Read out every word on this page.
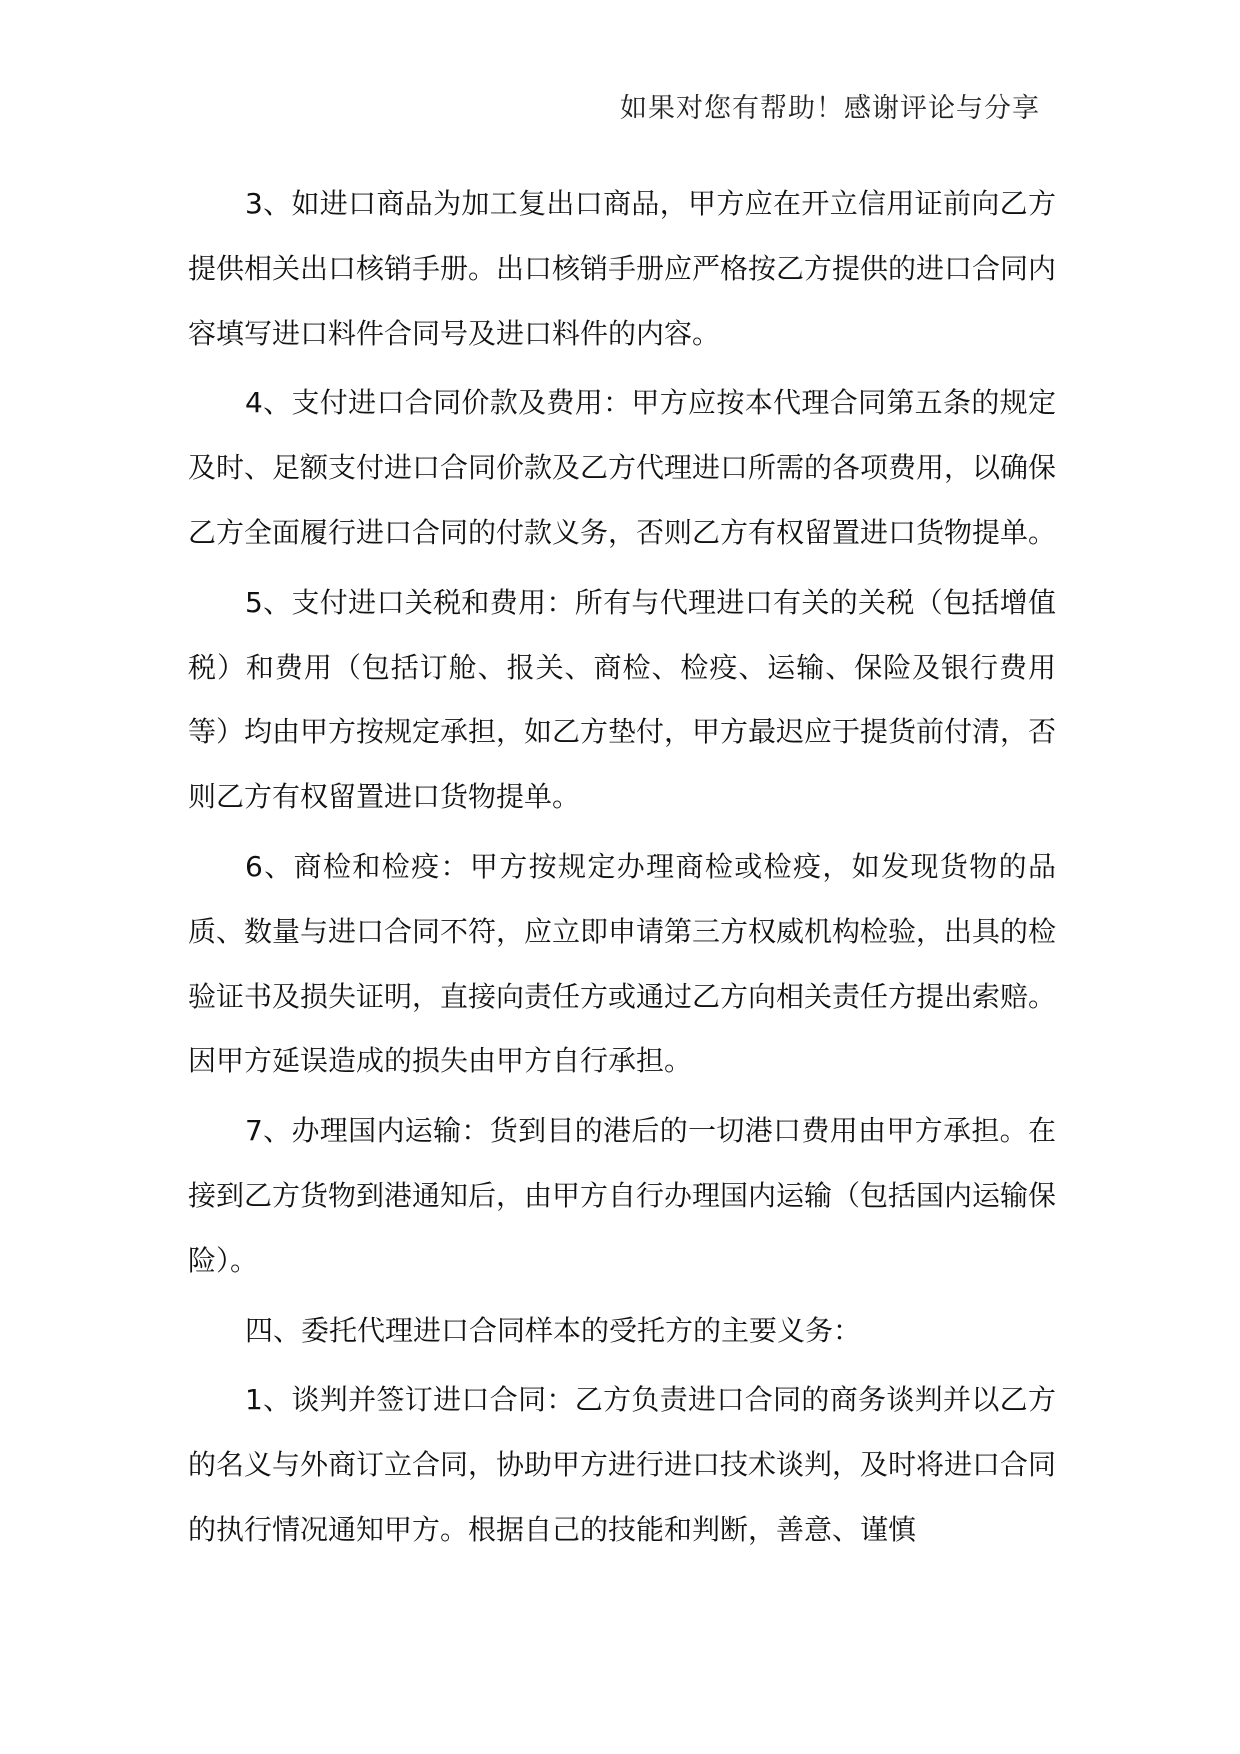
如果对您有帮助！感谢评论与分享

3、如进口商品为加工复出口商品，甲方应在开立信用证前向乙方提供相关出口核销手册。出口核销手册应严格按乙方提供的进口合同内容填写进口料件合同号及进口料件的内容。

4、支付进口合同价款及费用：甲方应按本代理合同第五条的规定及时、足额支付进口合同价款及乙方代理进口所需的各项费用，以确保乙方全面履行进口合同的付款义务，否则乙方有权留置进口货物提单。

5、支付进口关税和费用：所有与代理进口有关的关税（包括增值税）和费用（包括订舱、报关、商检、检疫、运输、保险及银行费用等）均由甲方按规定承担，如乙方垫付，甲方最迟应于提货前付清，否则乙方有权留置进口货物提单。

6、商检和检疫：甲方按规定办理商检或检疫，如发现货物的品质、数量与进口合同不符，应立即申请第三方权威机构检验，出具的检验证书及损失证明，直接向责任方或通过乙方向相关责任方提出索赔。因甲方延误造成的损失由甲方自行承担。

7、办理国内运输：货到目的港后的一切港口费用由甲方承担。在接到乙方货物到港通知后，由甲方自行办理国内运输（包括国内运输保险）。

四、委托代理进口合同样本的受托方的主要义务：

1、谈判并签订进口合同：乙方负责进口合同的商务谈判并以乙方的名义与外商订立合同，协助甲方进行进口技术谈判，及时将进口合同的执行情况通知甲方。根据自己的技能和判断，善意、谨慎
